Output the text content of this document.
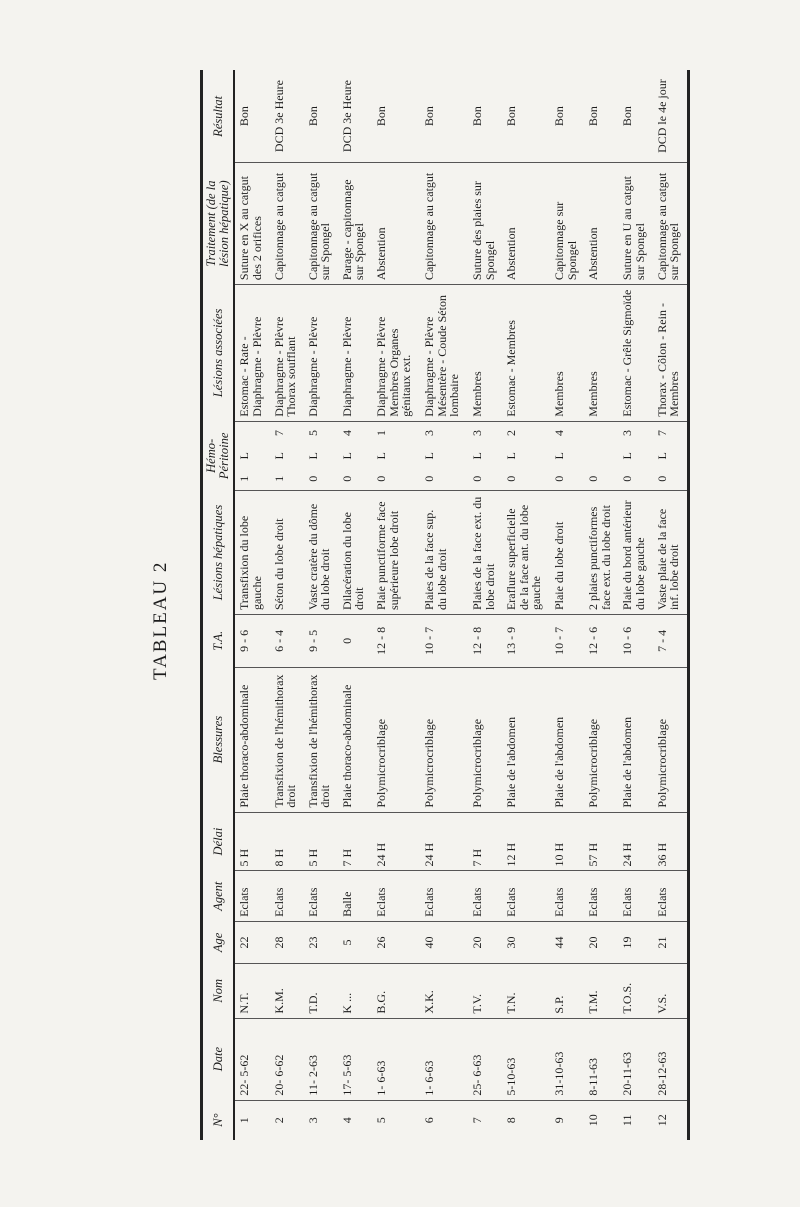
TABLEAU 2
N°	Date	Nom	Age	Agent	Délai	Blessures	T.A.	Lésions hépatiques	Hémo-Péritoine			Lésions associées	Traitement (de la lésion hépatique)	Résultat
1	22- 5-62	N.T.	22	Eclats	5 H	Plaie thoraco-abdominale	9 - 6	Transfixion du lobe gauche	1	L		Estomac - Rate - Diaphragme - Plèvre	Suture en X au catgut des 2 orifices	Bon
2	20- 6-62	K.M.	28	Eclats	8 H	Transfixion de l'hémithorax droit	6 - 4	Séton du lobe droit	1	L	7	Diaphragme - Plèvre Thorax soufflant	Capitonnage au catgut	DCD 3e Heure
3	11- 2-63	T.D.	23	Eclats	5 H	Transfixion de l'hémithorax droit	9 - 5	Vaste cratère du dôme du lobe droit	0	L	5	Diaphragme - Plèvre	Capitonnage au catgut sur Spongel	Bon
4	17- 5-63	K ...	5	Balle	7 H	Plaie thoraco-abdominale	0	Dilacération du lobe droit	0	L	4	Diaphragme - Plèvre	Parage - capitonnage sur Spongel	DCD 3e Heure
5	1- 6-63	B.G.	26	Eclats	24 H	Polymicrocriblage	12 - 8	Plaie punctiforme face supérieure lobe droit	0	L	1	Diaphragme - Plèvre Membres Organes génitaux ext.	Abstention	Bon
6	1- 6-63	X.K.	40	Eclats	24 H	Polymicrocriblage	10 - 7	Plaies de la face sup. du lobe droit	0	L	3	Diaphragme - Plèvre Mésentère - Coude Séton lombaire	Capitonnage au catgut	Bon
7	25- 6-63	T.V.	20	Eclats	7 H	Polymicrocriblage	12 - 8	Plaies de la face ext. du lobe droit	0	L	3	Membres	Suture des plaies sur Spongel	Bon
8	5-10-63	T.N.	30	Eclats	12 H	Plaie de l'abdomen	13 - 9	Eraflure superficielle de la face ant. du lobe gauche	0	L	2	Estomac - Membres	Abstention	Bon
9	31-10-63	S.P.	44	Eclats	10 H	Plaie de l'abdomen	10 - 7	Plaie du lobe droit	0	L	4	Membres	Capitonnage sur Spongel	Bon
10	8-11-63	T.M.	20	Eclats	57 H	Polymicrocriblage	12 - 6	2 plaies punctiformes face ext. du lobe droit	0			Membres	Abstention	Bon
11	20-11-63	T.O.S.	19	Eclats	24 H	Plaie de l'abdomen	10 - 6	Plaie du bord antérieur du lobe gauche	0	L	3	Estomac - Grêle Sigmoïde	Suture en U au catgut sur Spongel	Bon
12	28-12-63	V.S.	21	Eclats	36 H	Polymicrocriblage	7 - 4	Vaste plaie de la face inf. lobe droit	0	L	7	Thorax - Côlon - Rein - Membres	Capitonnage au catgut sur Spongel	DCD le 4e jour
